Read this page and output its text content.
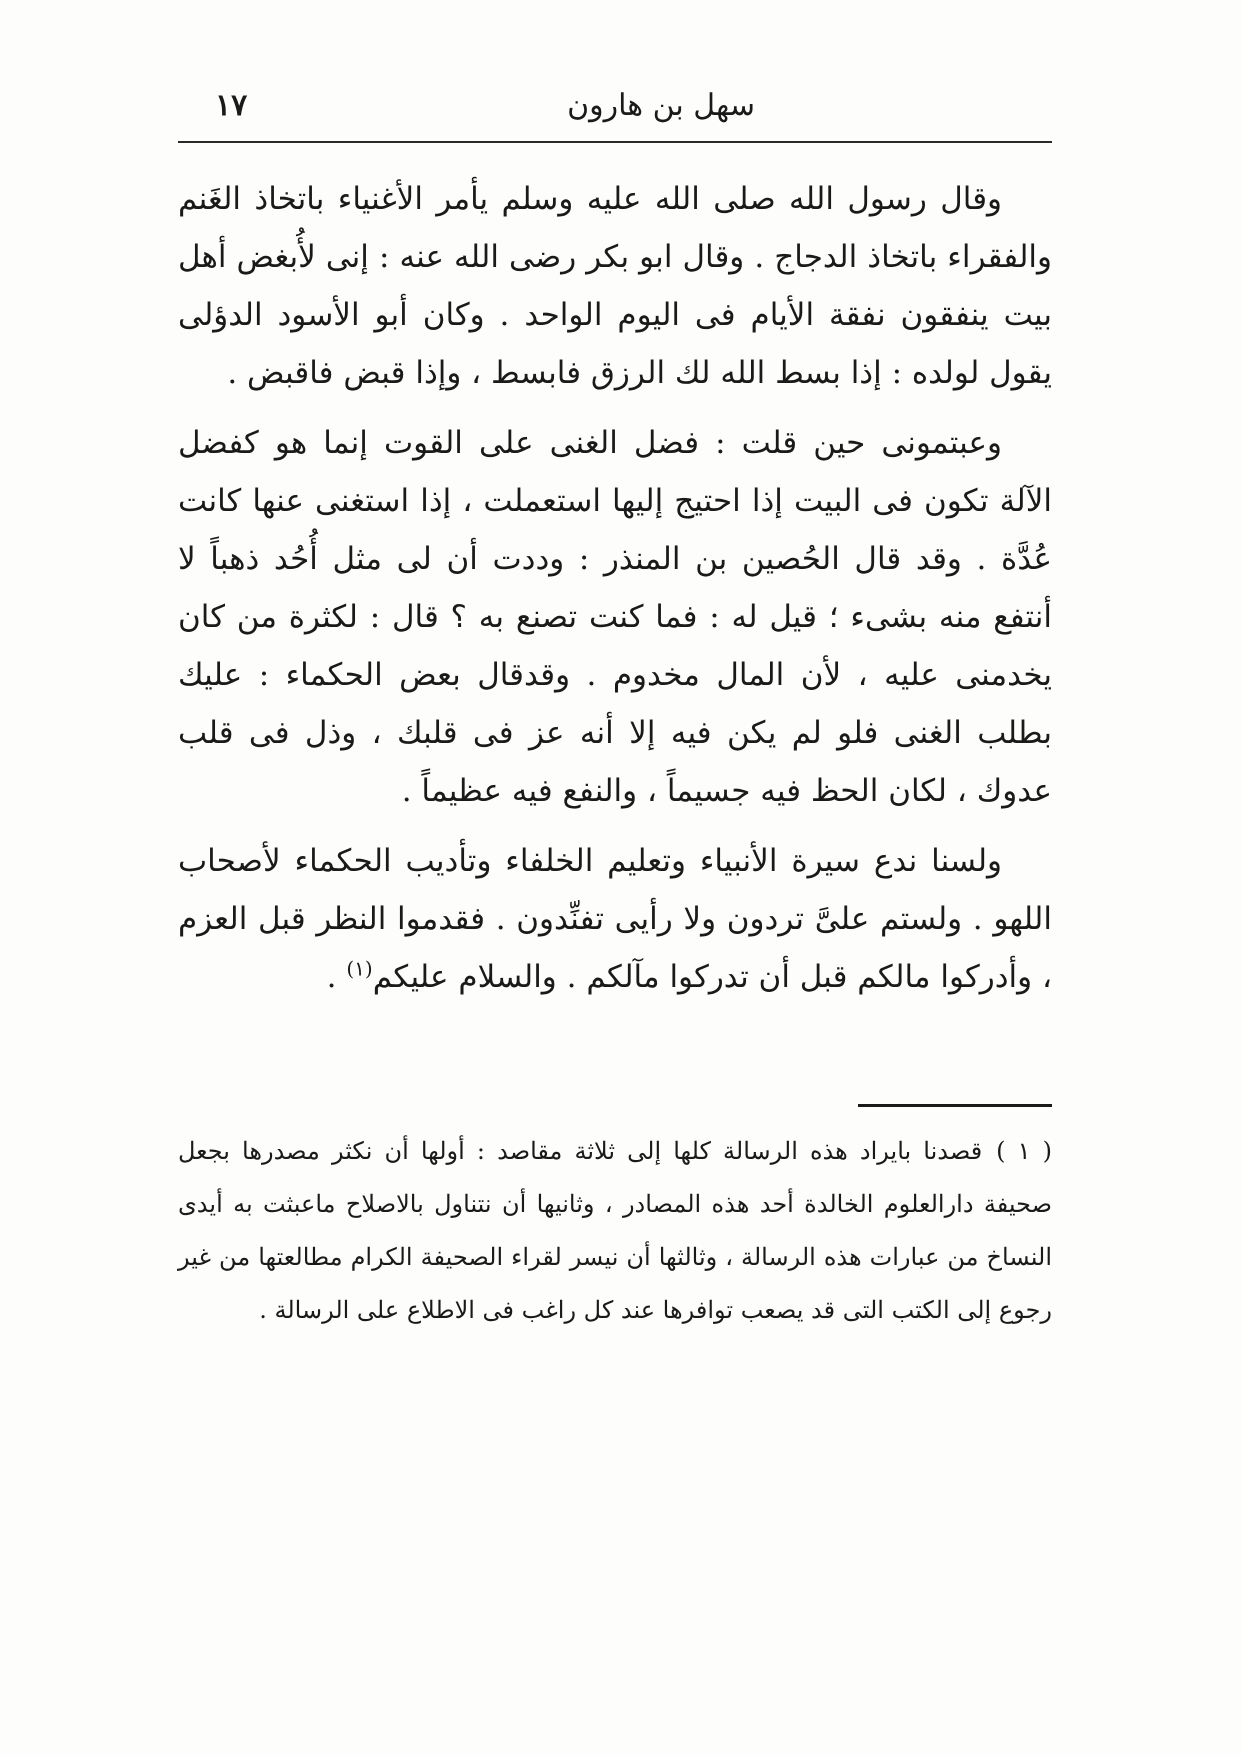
سهل بن هارون
١٧

وقال رسول الله صلى الله عليه وسلم يأمر الأغنياء باتخاذ الغَنم والفقراء باتخاذ الدجاج . وقال ابو بكر رضى الله عنه : إنى لأُبغض أهل بيت ينفقون نفقة الأيام فى اليوم الواحد . وكان أبو الأسود الدؤلى يقول لولده : إذا بسط الله لك الرزق فابسط ، وإذا قبض فاقبض .

وعبتمونى حين قلت : فضل الغنى على القوت إنما هو كفضل الآلة تكون فى البيت إذا احتيج إليها استعملت ، إذا استغنى عنها كانت عُدَّة . وقد قال الحُصين بن المنذر : وددت أن لى مثل أُحُد ذهباً لا أنتفع منه بشىء ؛ قيل له : فما كنت تصنع به ؟ قال : لكثرة من كان يخدمنى عليه ، لأن المال مخدوم . وقدقال بعض الحكماء : عليك بطلب الغنى فلو لم يكن فيه إلا أنه عز فى قلبك ، وذل فى قلب عدوك ، لكان الحظ فيه جسيماً ، والنفع فيه عظيماً .

ولسنا ندع سيرة الأنبياء وتعليم الخلفاء وتأديب الحكماء لأصحاب اللهو . ولستم علىَّ تردون ولا رأيى تفنِّدون . فقدموا النظر قبل العزم ، وأدركوا مالكم قبل أن تدركوا مآلكم . والسلام عليكم$^{(١)}$ .

( ١ )قصدنا بايراد هذه الرسالة كلها إلى ثلاثة مقاصد : أولها أن نكثر مصدرها بجعل صحيفة دارالعلوم الخالدة أحد هذه المصادر ، وثانيها أن نتناول بالاصلاح ماعبثت به أيدى النساخ من عبارات هذه الرسالة ، وثالثها أن نيسر لقراء الصحيفة الكرام مطالعتها من غير رجوع إلى الكتب التى قد يصعب توافرها عند كل راغب فى الاطلاع على الرسالة .
